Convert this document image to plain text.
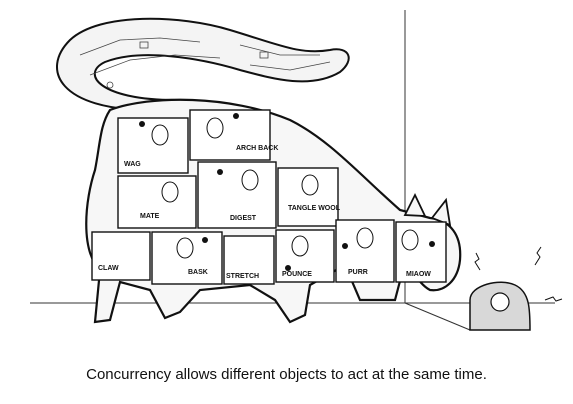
WAG
ARCH BACK
MATE	DIGEST
TANGLE WOOL
CLAW
BASK
STRETCH	POUNCE	PURR	MIAOW
Concurrency allows different objects to act at the same time.
